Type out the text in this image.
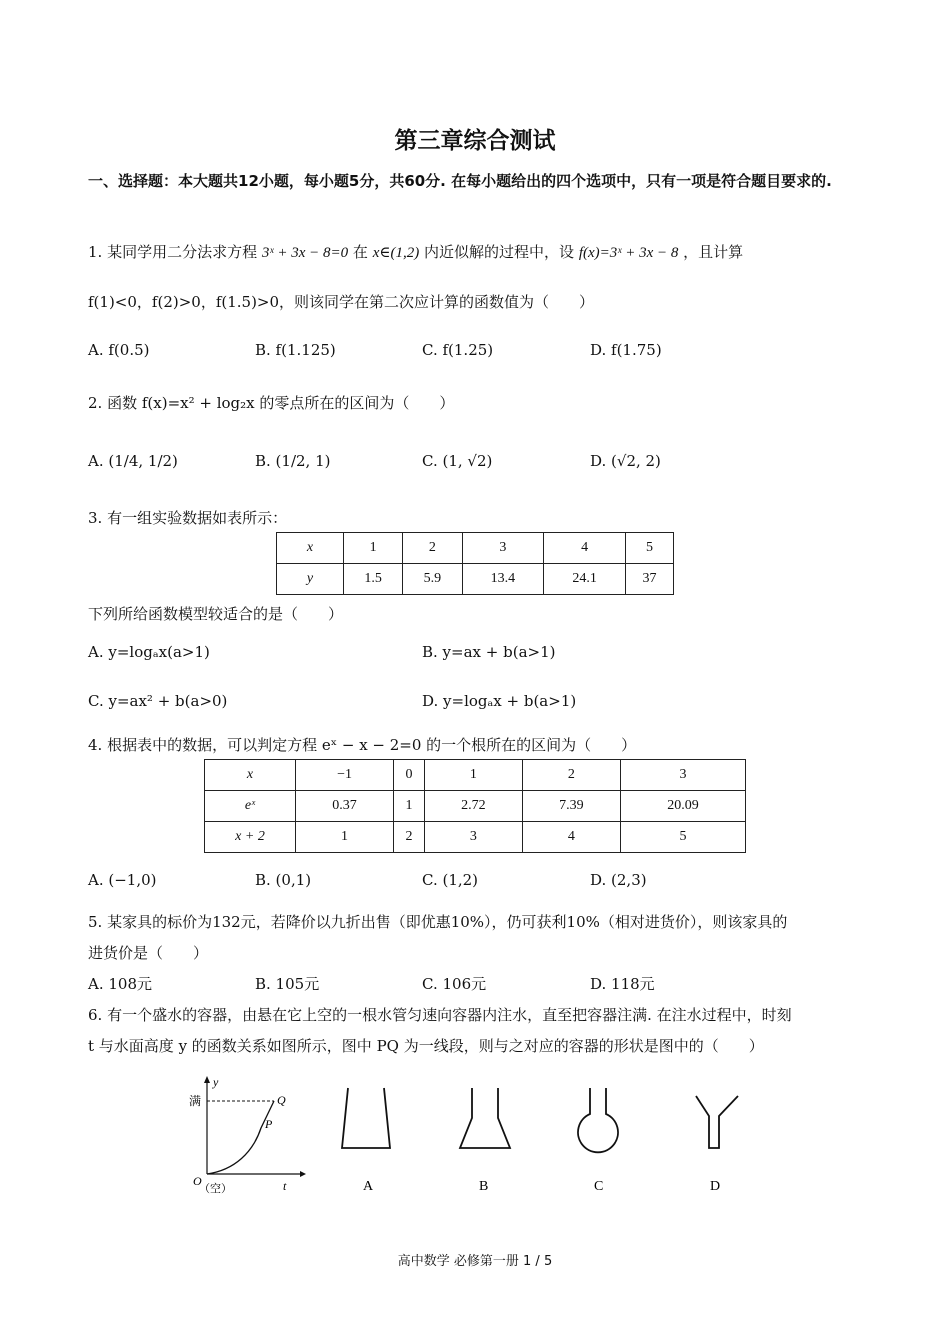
第三章综合测试
一、选择题：本大题共12小题，每小题5分，共60分. 在每小题给出的四个选项中，只有一项是符合题目要求的.
1. 某同学用二分法求方程 3ˣ + 3x − 8=0 在 x∈(1,2) 内近似解的过程中，设 f(x)=3ˣ + 3x − 8 ，且计算
f(1)<0，f(2)>0，f(1.5)>0，则该同学在第二次应计算的函数值为（　　）
A. f(0.5)	B. f(1.125)	C. f(1.25)	D. f(1.75)
2. 函数 f(x)=x² + log₂x 的零点所在的区间为（　　）
A. (1/4, 1/2)	B. (1/2, 1)	C. (1, √2)	D. (√2, 2)
3. 有一组实验数据如表所示：
x	1	2	3	4	5
y	1.5	5.9	13.4	24.1	37
下列所给函数模型较适合的是（　　）
A. y=logₐx(a>1)	B. y=ax + b(a>1)
C. y=ax² + b(a>0)	D. y=logₐx + b(a>1)
4. 根据表中的数据，可以判定方程 eˣ − x − 2=0 的一个根所在的区间为（　　）
x	−1	0	1	2	3
eˣ	0.37	1	2.72	7.39	20.09
x + 2	1	2	3	4	5
A. (−1,0)	B. (0,1)	C. (1,2)	D. (2,3)
5. 某家具的标价为132元，若降价以九折出售（即优惠10%），仍可获利10%（相对进货价），则该家具的
进货价是（　　）
A. 108元	B. 105元	C. 106元	D. 118元
6. 有一个盛水的容器，由悬在它上空的一根水管匀速向容器内注水，直至把容器注满. 在注水过程中，时刻
t 与水面高度 y 的函数关系如图所示，图中 PQ 为一线段，则与之对应的容器的形状是图中的（　　）
y
满	Q
P
O
（空）	t	A	B	C	D
高中数学 必修第一册 1 / 5
